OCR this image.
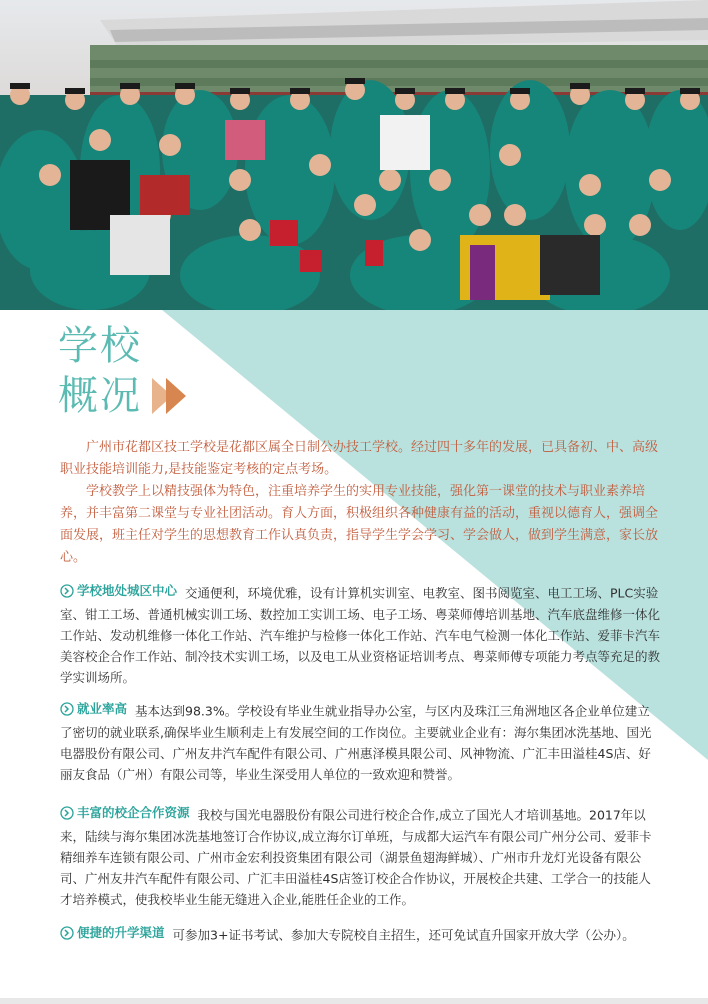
学校
概况

广州市花都区技工学校是花都区属全日制公办技工学校。经过四十多年的发展，已具备初、中、高级职业技能培训能力,是技能鉴定考核的定点考场。

学校教学上以精技强体为特色，注重培养学生的实用专业技能，强化第一课堂的技术与职业素养培养，并丰富第二课堂与专业社团活动。育人方面，积极组织各种健康有益的活动，重视以德育人，强调全面发展，班主任对学生的思想教育工作认真负责，指导学生学会学习、学会做人，做到学生满意，家长放心。

学校地处城区中心 交通便利，环境优雅，设有计算机实训室、电教室、图书阅览室、电工工场、PLC实验室、钳工工场、普通机械实训工场、数控加工实训工场、电子工场、粤菜师傅培训基地、汽车底盘维修一体化工作站、发动机维修一体化工作站、汽车维护与检修一体化工作站、汽车电气检测一体化工作站、爱菲卡汽车美容校企合作工作站、制冷技术实训工场，以及电工从业资格证培训考点、粤菜师傅专项能力考点等充足的教学实训场所。

就业率高 基本达到98.3%。学校设有毕业生就业指导办公室，与区内及珠江三角洲地区各企业单位建立了密切的就业联系,确保毕业生顺利走上有发展空间的工作岗位。主要就业企业有：海尔集团冰洗基地、国光电器股份有限公司、广州友井汽车配件有限公司、广州惠泽模具限公司、风神物流、广汇丰田溢桂4S店、好丽友食品（广州）有限公司等，毕业生深受用人单位的一致欢迎和赞誉。

丰富的校企合作资源 我校与国光电器股份有限公司进行校企合作,成立了国光人才培训基地。2017年以来，陆续与海尔集团冰洗基地签订合作协议,成立海尔订单班，与成都大运汽车有限公司广州分公司、爱菲卡精细养车连锁有限公司、广州市金宏利投资集团有限公司（湖景鱼翅海鲜城）、广州市升龙灯光设备有限公司、广州友井汽车配件有限公司、广汇丰田溢桂4S店签订校企合作协议，开展校企共建、工学合一的技能人才培养模式，使我校毕业生能无缝进入企业,能胜任企业的工作。

便捷的升学渠道 可参加3+证书考试、参加大专院校自主招生，还可免试直升国家开放大学（公办）。
